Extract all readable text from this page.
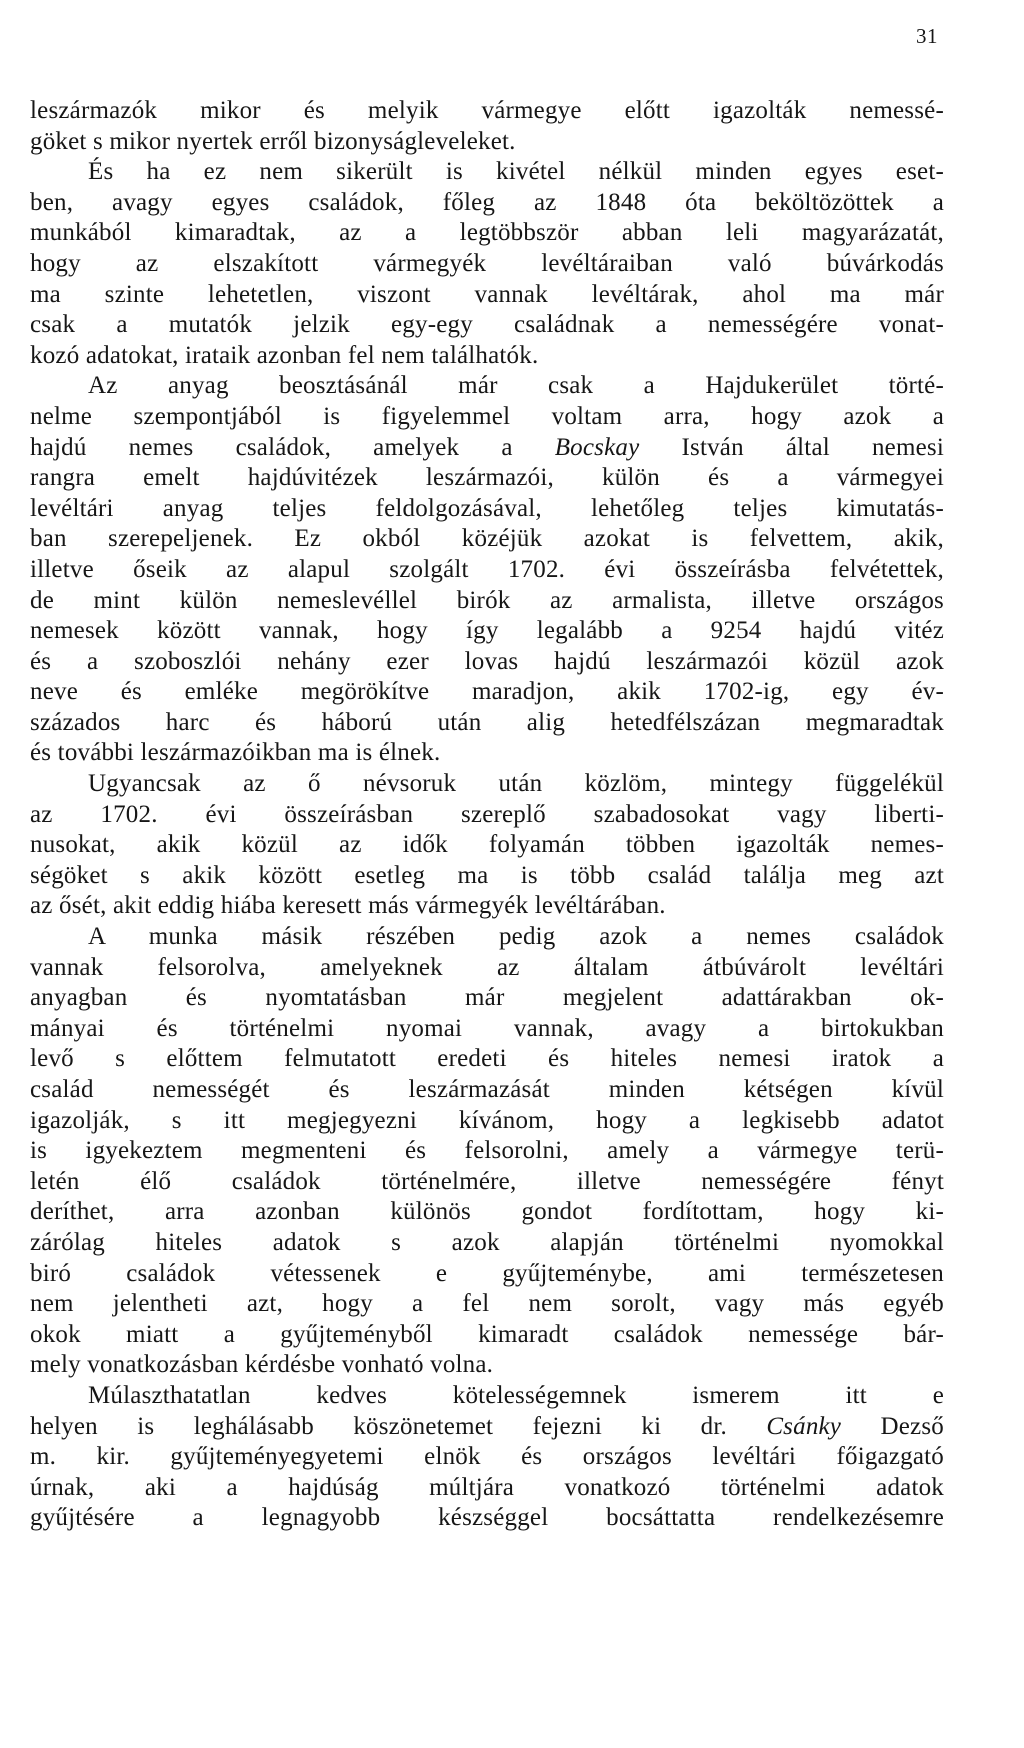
31
leszármazók mikor és melyik vármegye előtt igazolták nemessé-
göket s mikor nyertek erről bizonyságleveleket.
És ha ez nem sikerült is kivétel nélkül minden egyes eset-
ben, avagy egyes családok, főleg az 1848 óta beköltözöttek a
munkából kimaradtak, az a legtöbbször abban leli magyarázatát,
hogy az elszakított vármegyék levéltáraiban való búvárkodás
ma szinte lehetetlen, viszont vannak levéltárak, ahol ma már
csak a mutatók jelzik egy-egy családnak a nemességére vonat-
kozó adatokat, irataik azonban fel nem találhatók.
Az anyag beosztásánál már csak a Hajdukerület törté-
nelme szempontjából is figyelemmel voltam arra, hogy azok a
hajdú nemes családok, amelyek a Bocskay István által nemesi
rangra emelt hajdúvitézek leszármazói, külön és a vármegyei
levéltári anyag teljes feldolgozásával, lehetőleg teljes kimutatás-
ban szerepeljenek. Ez okból közéjük azokat is felvettem, akik,
illetve őseik az alapul szolgált 1702. évi összeírásba felvétettek,
de mint külön nemeslevéllel birók az armalista, illetve országos
nemesek között vannak, hogy így legalább a 9254 hajdú vitéz
és a szoboszlói nehány ezer lovas hajdú leszármazói közül azok
neve és emléke megörökítve maradjon, akik 1702-ig, egy év-
százados harc és háború után alig hetedfélszázan megmaradtak
és további leszármazóikban ma is élnek.
Ugyancsak az ő névsoruk után közlöm, mintegy függelékül
az 1702. évi összeírásban szereplő szabadosokat vagy liberti-
nusokat, akik közül az idők folyamán többen igazolták nemes-
ségöket s akik között esetleg ma is több család találja meg azt
az ősét, akit eddig hiába keresett más vármegyék levéltárában.
A munka másik részében pedig azok a nemes családok
vannak felsorolva, amelyeknek az általam átbúvárolt levéltári
anyagban és nyomtatásban már megjelent adattárakban ok-
mányai és történelmi nyomai vannak, avagy a birtokukban
levő s előttem felmutatott eredeti és hiteles nemesi iratok a
család nemességét és leszármazását minden kétségen kívül
igazolják, s itt megjegyezni kívánom, hogy a legkisebb adatot
is igyekeztem megmenteni és felsorolni, amely a vármegye terü-
letén élő családok történelmére, illetve nemességére fényt
deríthet, arra azonban különös gondot fordítottam, hogy ki-
zárólag hiteles adatok s azok alapján történelmi nyomokkal
biró családok vétessenek e gyűjteménybe, ami természetesen
nem jelentheti azt, hogy a fel nem sorolt, vagy más egyéb
okok miatt a gyűjteményből kimaradt családok nemessége bár-
mely vonatkozásban kérdésbe vonható volna.
Múlaszthatatlan kedves kötelességemnek ismerem itt e
helyen is leghálásabb köszönetemet fejezni ki dr. Csánky Dezső
m. kir. gyűjteményegyetemi elnök és országos levéltári főigazgató
úrnak, aki a hajdúság múltjára vonatkozó történelmi adatok
gyűjtésére a legnagyobb készséggel bocsáttatta rendelkezésemre
